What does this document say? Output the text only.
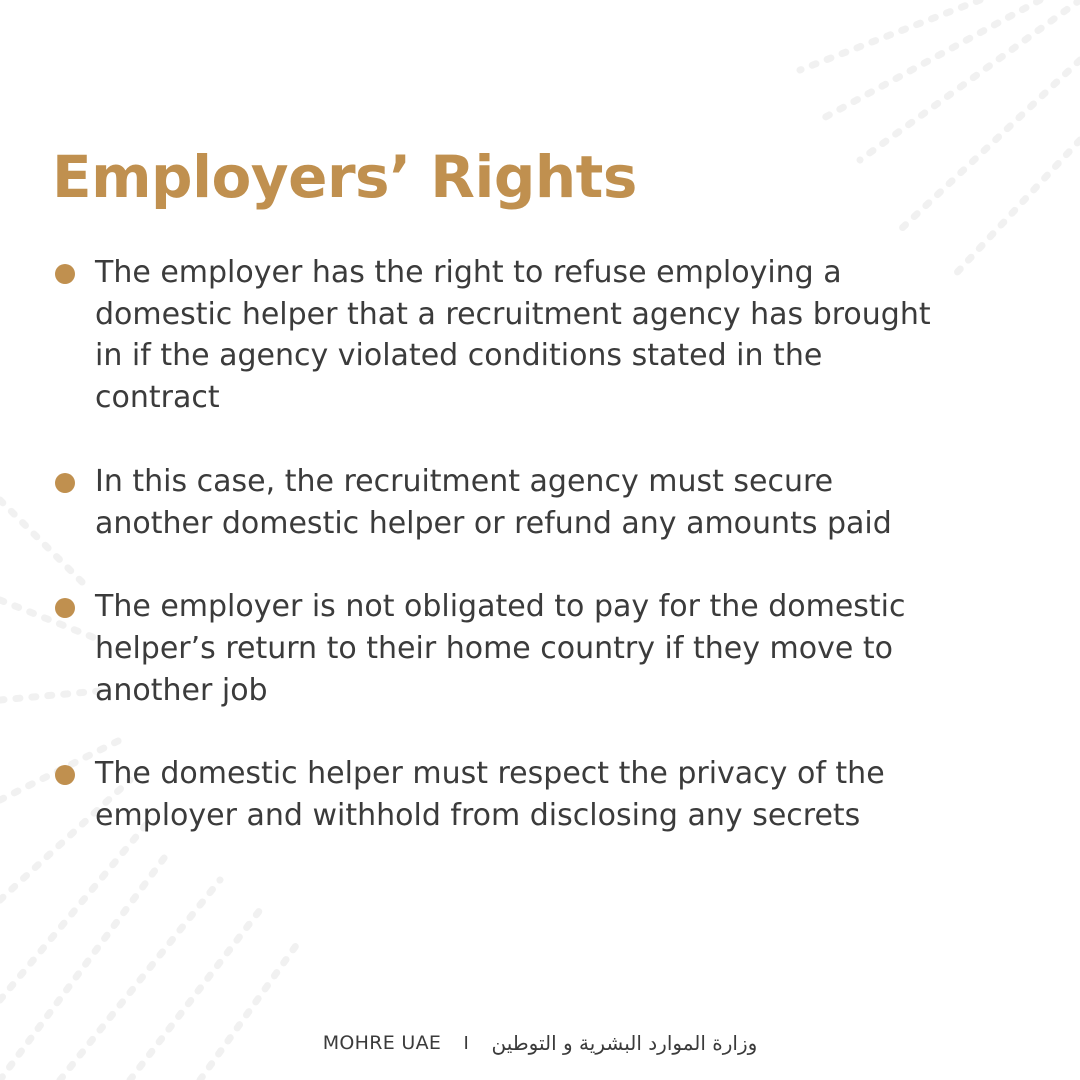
Employers’ Rights
The employer has the right to refuse employing a domestic helper that a recruitment agency has brought in if the agency violated conditions stated in the contract
In this case, the recruitment agency must secure another domestic helper or refund any amounts paid
The employer is not obligated to pay for the domestic helper’s return to their home country if they move to another job
The domestic helper must respect the privacy of the employer and withhold from disclosing any secrets
MOHRE UAE I وزارة الموارد البشرية و التوطين
